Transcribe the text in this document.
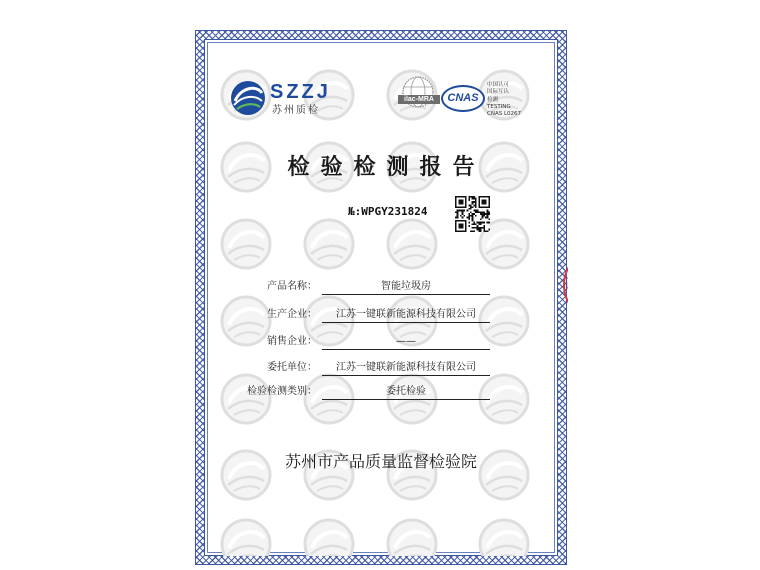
SZZJ
苏州质检
ilac-MRA	CNAS
中国认可
国际互认
检测
TESTING
CNAS L0267
检验检测报告
№:WPGY231824
产品名称：	智能垃圾房
生产企业：	江苏一键联新能源科技有限公司
销售企业：	——
委托单位：	江苏一键联新能源科技有限公司
检验检测类别：	委托检验
苏州市产品质量监督检验院
